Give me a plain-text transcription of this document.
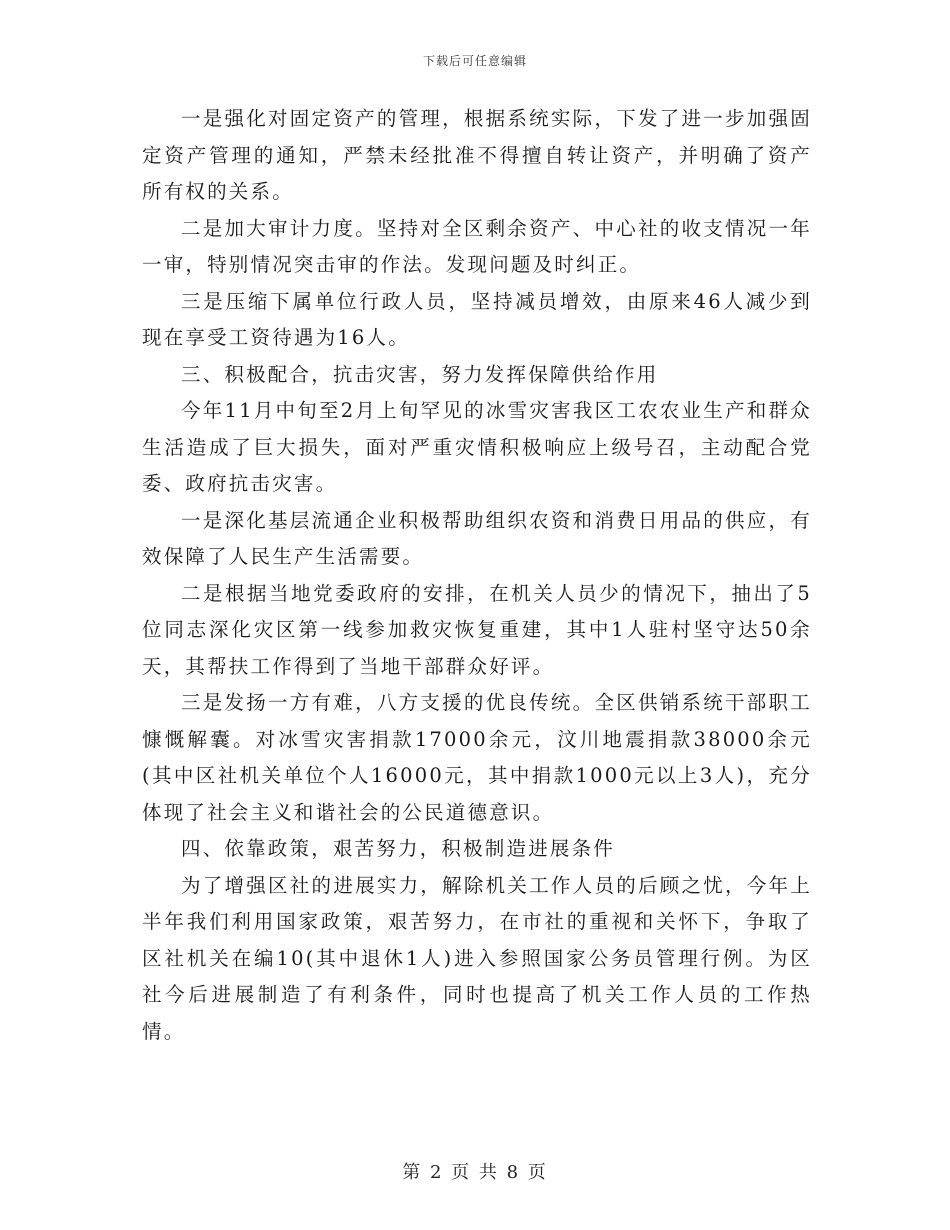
下载后可任意编辑

一是强化对固定资产的管理，根据系统实际，下发了进一步加强固定资产管理的通知，严禁未经批准不得擅自转让资产，并明确了资产所有权的关系。

二是加大审计力度。坚持对全区剩余资产、中心社的收支情况一年一审，特别情况突击审的作法。发现问题及时纠正。

三是压缩下属单位行政人员，坚持减员增效，由原来46人减少到现在享受工资待遇为16人。

三、积极配合，抗击灾害，努力发挥保障供给作用

今年11月中旬至2月上旬罕见的冰雪灾害我区工农农业生产和群众生活造成了巨大损失，面对严重灾情积极响应上级号召，主动配合党委、政府抗击灾害。

一是深化基层流通企业积极帮助组织农资和消费日用品的供应，有效保障了人民生产生活需要。

二是根据当地党委政府的安排，在机关人员少的情况下，抽出了5位同志深化灾区第一线参加救灾恢复重建，其中1人驻村坚守达50余天，其帮扶工作得到了当地干部群众好评。

三是发扬一方有难，八方支援的优良传统。全区供销系统干部职工慷慨解囊。对冰雪灾害捐款17000余元，汶川地震捐款38000余元(其中区社机关单位个人16000元，其中捐款1000元以上3人)，充分体现了社会主义和谐社会的公民道德意识。

四、依靠政策，艰苦努力，积极制造进展条件

为了增强区社的进展实力，解除机关工作人员的后顾之忧，今年上半年我们利用国家政策，艰苦努力，在市社的重视和关怀下，争取了区社机关在编10(其中退休1人)进入参照国家公务员管理行例。为区社今后进展制造了有利条件，同时也提高了机关工作人员的工作热情。

第 2 页 共 8 页
